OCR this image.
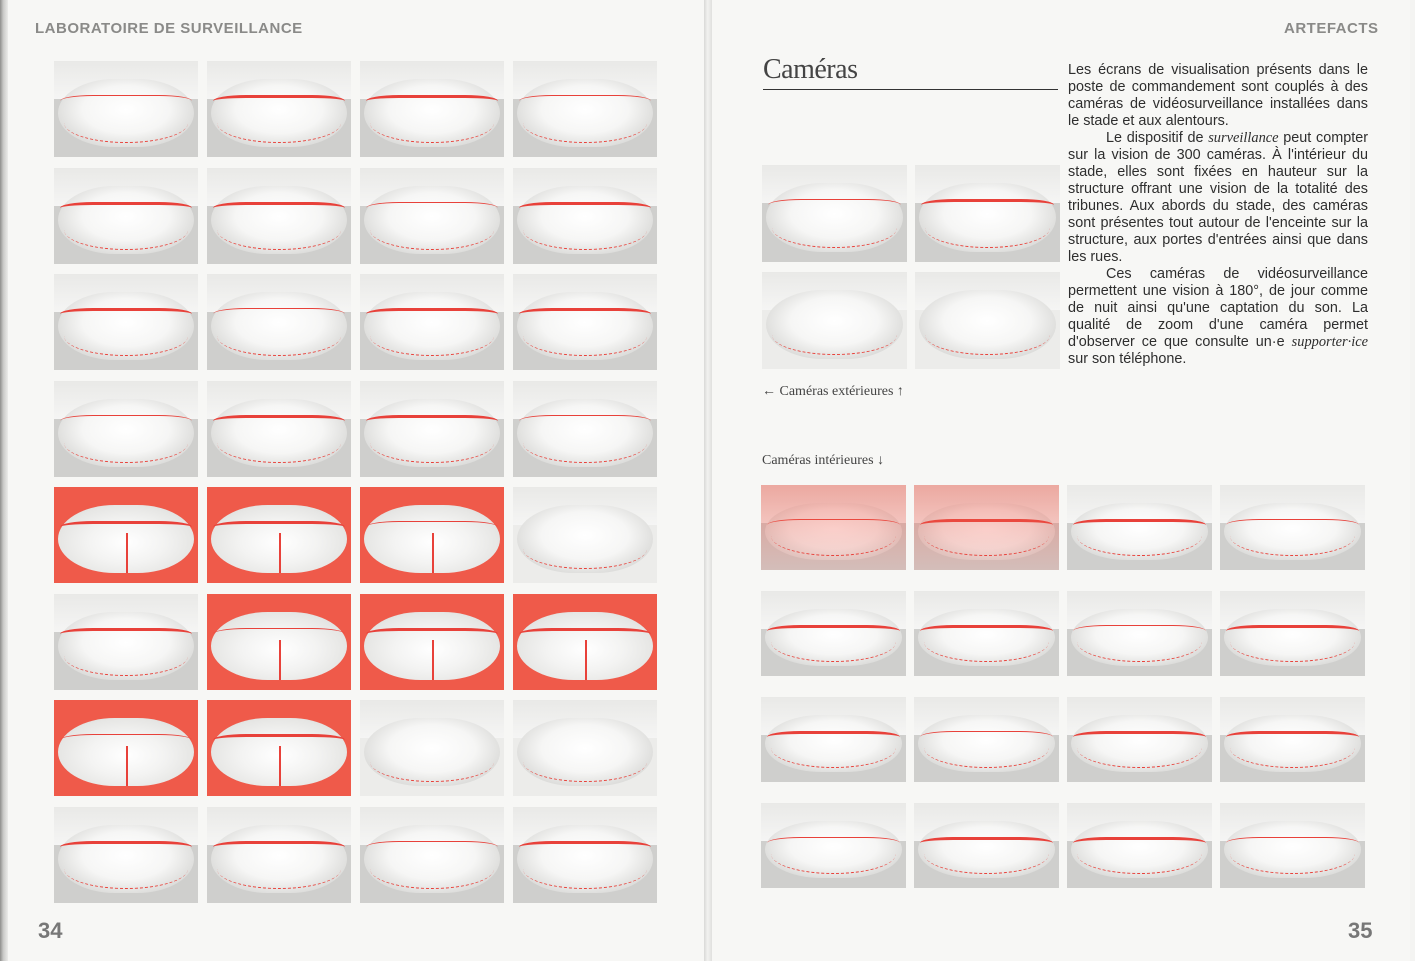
LABORATOIRE DE SURVEILLANCE	ARTEFACTS
Caméras	Les écrans de visualisation présents dans le poste de commandement sont couplés à des caméras de vidéosurveillance installées dans le stade et aux alentours.

Le dispositif de surveillance peut compter sur la vision de 300 caméras. À l'intérieur du stade, elles sont fixées en hauteur sur la structure offrant une vision de la totalité des tribunes. Aux abords du stade, des caméras sont présentes tout autour de l'enceinte sur la structure, aux portes d'entrées ainsi que dans les rues.

Ces caméras de vidéosurveillance permettent une vision à 180°, de jour comme de nuit ainsi qu'une captation du son. La qualité de zoom d'une caméra permet d'observer ce que consulte un·e supporter·ice sur son téléphone.

← Caméras extérieures ↑
Caméras intérieures ↓
34	35
